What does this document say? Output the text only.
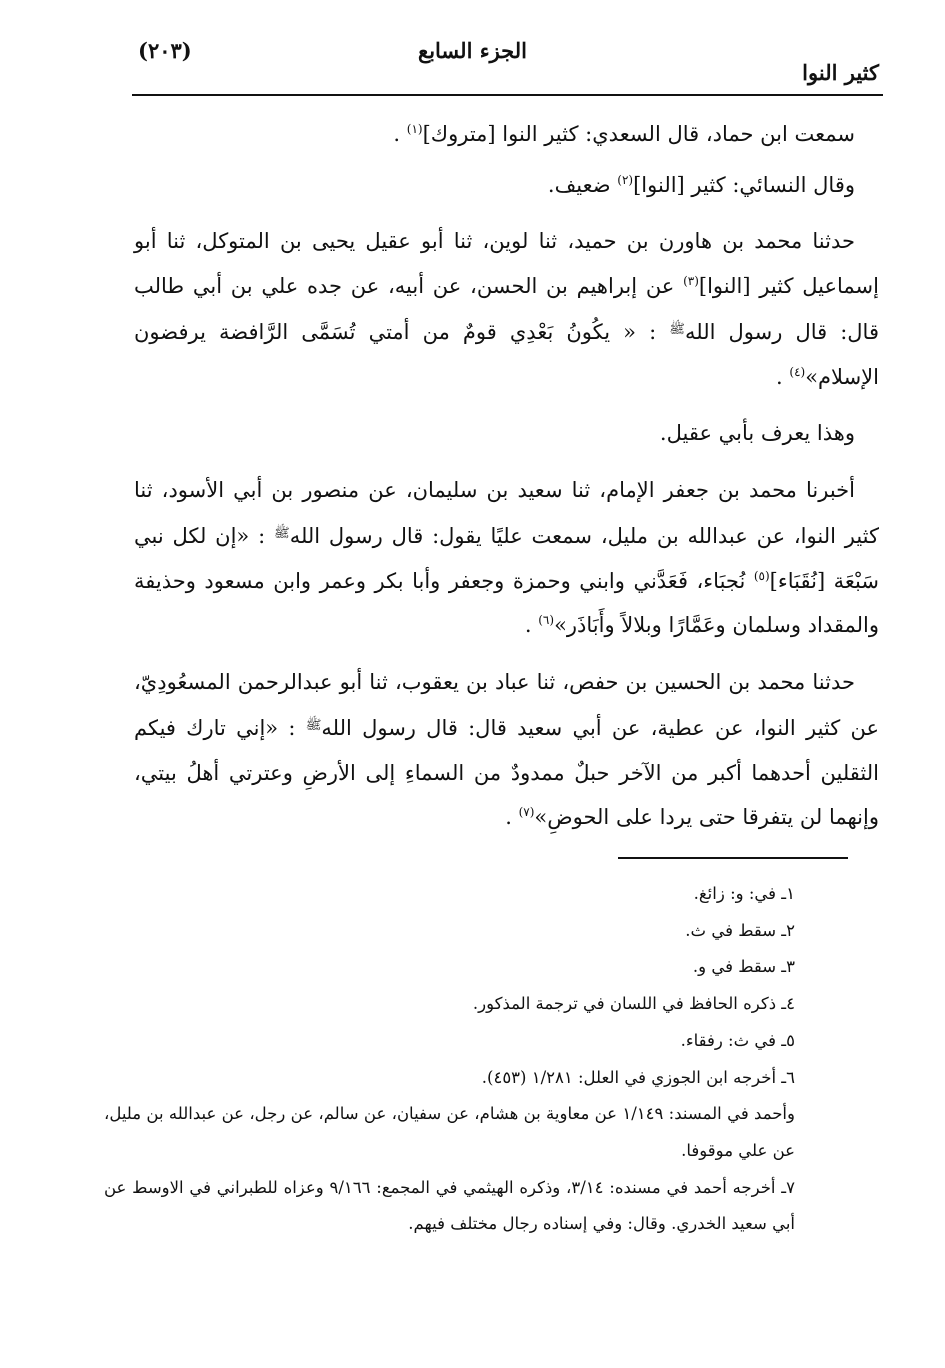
كثير النوا
الجزء السابع
(٢٠٣)

سمعت ابن حماد، قال السعدي: كثير النوا [متروك]$^{(١)}$ .

وقال النسائي: كثير [النوا]$^{(٢)}$ ضعيف.

حدثنا محمد بن هاورن بن حميد، ثنا لوين، ثنا أبو عقيل يحيى بن المتوكل، ثنا أبو إسماعيل كثير [النوا]$^{(٣)}$ عن إبراهيم بن الحسن، عن أبيه، عن جده علي بن أبي طالب قال: قال رسول الله$^ﷺ$ : « يكُونُ بَعْدِي قومٌ من أمتي تُسَمَّى الرَّافضة يرفضون الإسلام»$^{(٤)}$ .

وهذا يعرف بأبي عقيل.

أخبرنا محمد بن جعفر الإمام، ثنا سعيد بن سليمان، عن منصور بن أبي الأسود، ثنا كثير النوا، عن عبدالله بن مليل، سمعت عليًا يقول: قال رسول الله$^ﷺ$ : «إن لكل نبي سَبْعَة [نُقَبَاء]$^{(٥)}$ نُجبَاء، فَعَدَّني وابني وحمزة وجعفر وأبا بكر وعمر وابن مسعود وحذيفة والمقداد وسلمان وعَمَّارًا وبلالاً وأَبَاذَر»$^{(٦)}$ .

حدثنا محمد بن الحسين بن حفص، ثنا عباد بن يعقوب، ثنا أبو عبدالرحمن المسعُودِيّ، عن كثير النوا، عن عطية، عن أبي سعيد قال: قال رسول الله$^ﷺ$ : «إني تارك فيكم الثقلين أحدهما أكبر من الآخر حبلٌ ممدودٌ من السماءِ إلى الأرضِ وعترتي أهلُ بيتي، وإنهما لن يتفرقا حتى يردا على الحوضِ»$^{(٧)}$ .

١ـ في: و: زائغ.
٢ـ سقط في ث.
٣ـ سقط في و.
٤ـ ذكره الحافظ في اللسان في ترجمة المذكور.
٥ـ في ث: رفقاء.
٦ـ أخرجه ابن الجوزي في العلل: ١/٢٨١ (٤٥٣).
وأحمد في المسند: ١/١٤٩ عن معاوية بن هشام، عن سفيان، عن سالم، عن رجل، عن عبدالله بن مليل، عن علي موقوفا.
٧ـ أخرجه أحمد في مسنده: ٣/١٤، وذكره الهيثمي في المجمع: ٩/١٦٦ وعزاه للطبراني في الاوسط عن أبي سعيد الخدري. وقال: وفي إسناده رجال مختلف فيهم.
